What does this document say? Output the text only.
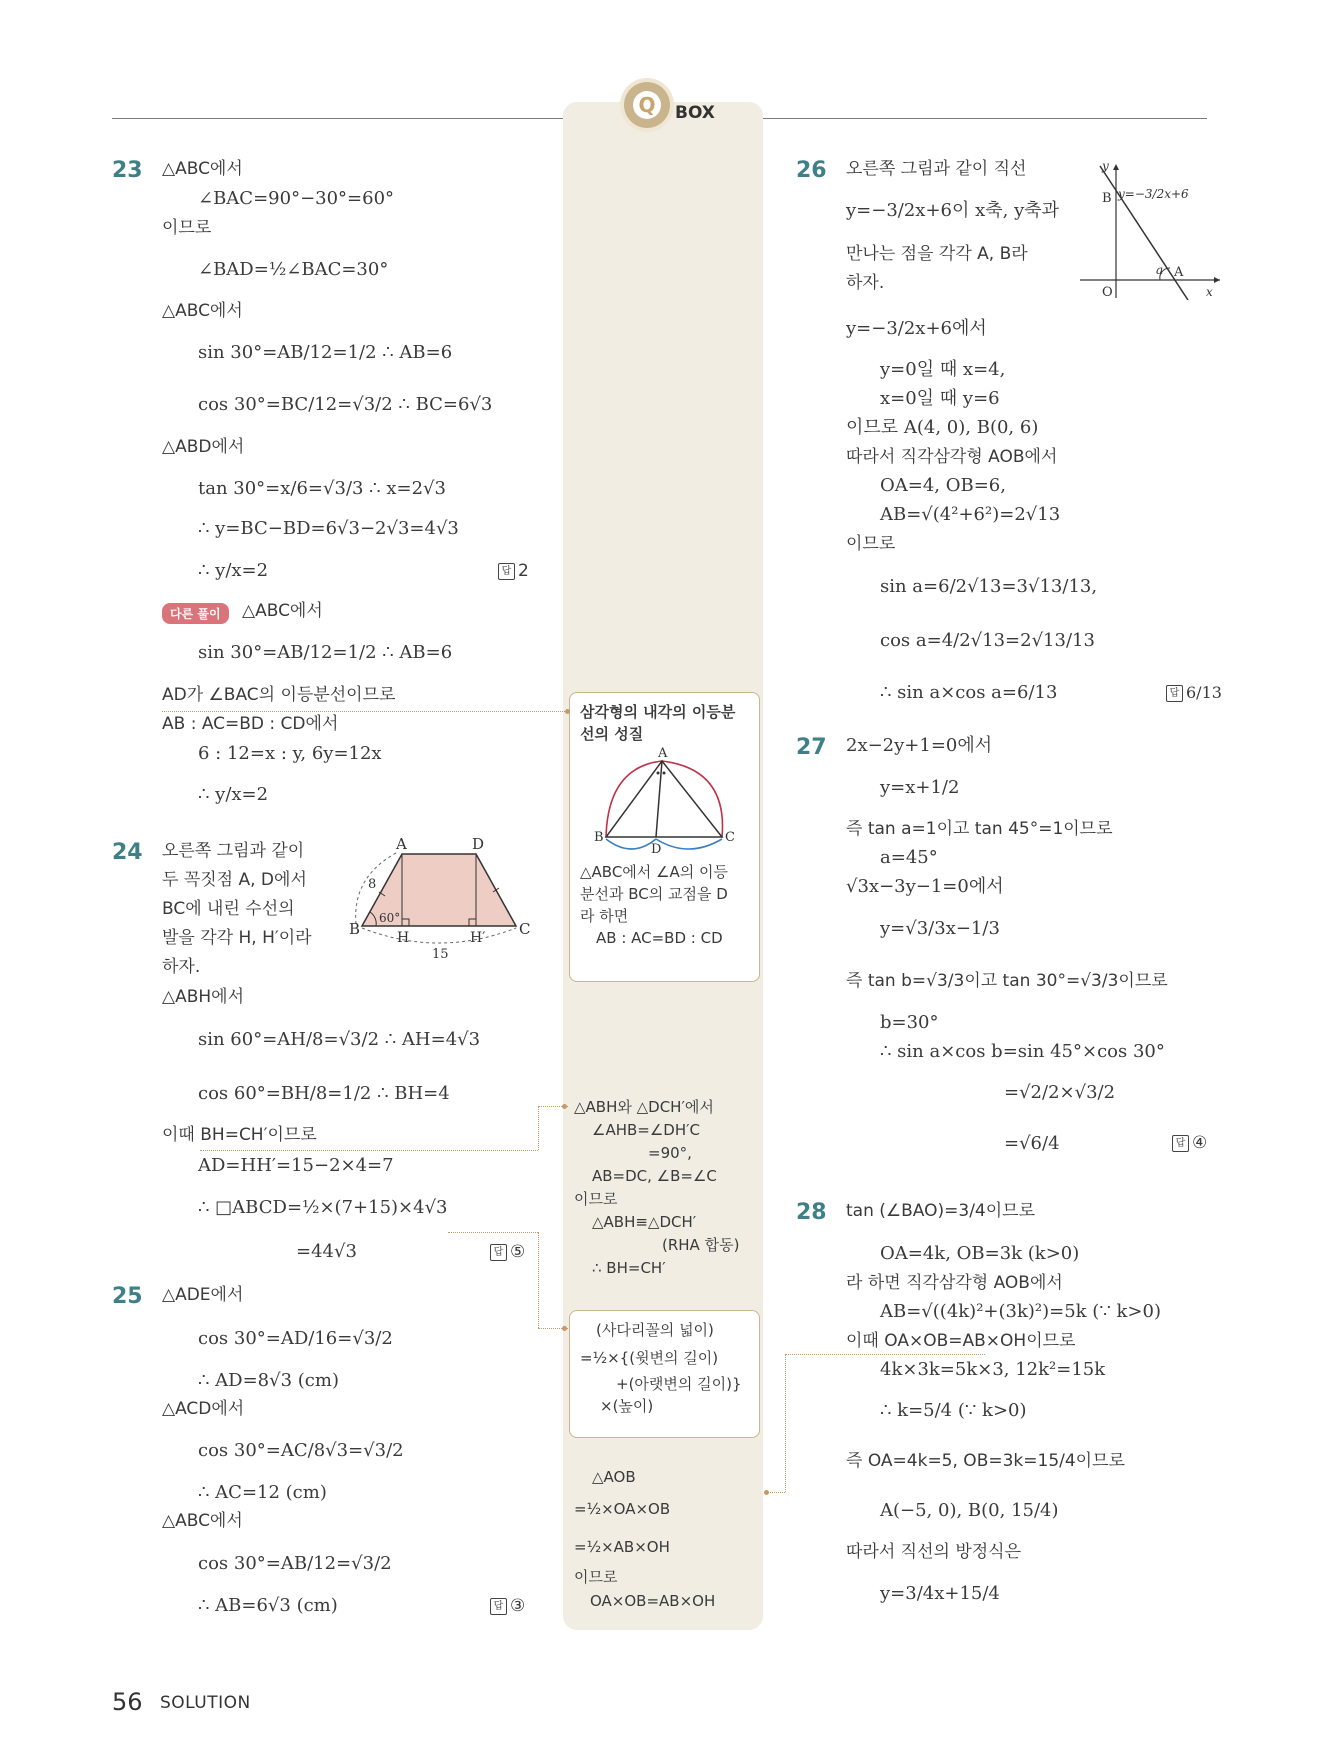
Q	BOX
23 △ABC에서
∠BAC=90°−30°=60°
이므로
∠BAD=½∠BAC=30°
△ABC에서
sin 30°=AB/12=1/2 ∴ AB=6
cos 30°=BC/12=√3/2 ∴ BC=6√3
△ABD에서
tan 30°=x/6=√3/3 ∴ x=2√3
∴ y=BC−BD=6√3−2√3=4√3
∴ y/x=2	답 2
다른 풀이	△ABC에서
sin 30°=AB/12=1/2 ∴ AB=6
AD가 ∠BAC의 이등분선이므로
AB : AC=BD : CD에서
6 : 12=x : y, 6y=12x
∴ y/x=2
24 오른쪽 그림과 같이
두 꼭짓점 A, D에서
BC에 내린 수선의
발을 각각 H, H′이라
하자.
A	D
B	C
H	H′
8
60°
15
△ABH에서
sin 60°=AH/8=√3/2 ∴ AH=4√3
cos 60°=BH/8=1/2 ∴ BH=4
이때 BH=CH′이므로
AD=HH′=15−2×4=7
∴ □ABCD=½×(7+15)×4√3
=44√3	답 ⑤
25 △ADE에서
cos 30°=AD/16=√3/2
∴ AD=8√3 (cm)
△ACD에서
cos 30°=AC/8√3=√3/2
∴ AC=12 (cm)
△ABC에서
cos 30°=AB/12=√3/2
∴ AB=6√3 (cm)	답 ③
삼각형의 내각의 이등분
선의 성질
A
B	C
D
△ABC에서 ∠A의 이등
분선과 BC의 교점을 D
라 하면
AB : AC=BD : CD
△ABH와 △DCH′에서
∠AHB=∠DH′C
=90°,
AB=DC, ∠B=∠C
이므로
△ABH≡△DCH′
(RHA 합동)
∴ BH=CH′
(사다리꼴의 넓이)
=½×{(윗변의 길이)
+(아랫변의 길이)}
×(높이)
△AOB
=½×OA×OB
=½×AB×OH
이므로
OA×OB=AB×OH
26 오른쪽 그림과 같이 직선
y=−3/2x+6이 x축, y축과
만나는 점을 각각 A, B라
하자.
y
x
O
B
A
a
y=−3/2x+6
y=−3/2x+6에서
y=0일 때 x=4,
x=0일 때 y=6
이므로 A(4, 0), B(0, 6)
따라서 직각삼각형 AOB에서
OA=4, OB=6,
AB=√(4²+6²)=2√13
이므로
sin a=6/2√13=3√13/13,
cos a=4/2√13=2√13/13
∴ sin a×cos a=6/13	답 6/13
27 2x−2y+1=0에서
y=x+1/2
즉 tan a=1이고 tan 45°=1이므로
a=45°
√3x−3y−1=0에서
y=√3/3x−1/3
즉 tan b=√3/3이고 tan 30°=√3/3이므로
b=30°
∴ sin a×cos b=sin 45°×cos 30°
=√2/2×√3/2
=√6/4	답 ④
28 tan (∠BAO)=3/4이므로
OA=4k, OB=3k (k>0)
라 하면 직각삼각형 AOB에서
AB=√((4k)²+(3k)²)=5k (∵ k>0)
이때 OA×OB=AB×OH이므로
4k×3k=5k×3, 12k²=15k
∴ k=5/4 (∵ k>0)
즉 OA=4k=5, OB=3k=15/4이므로
A(−5, 0), B(0, 15/4)
따라서 직선의 방정식은
y=3/4x+15/4
56 SOLUTION
